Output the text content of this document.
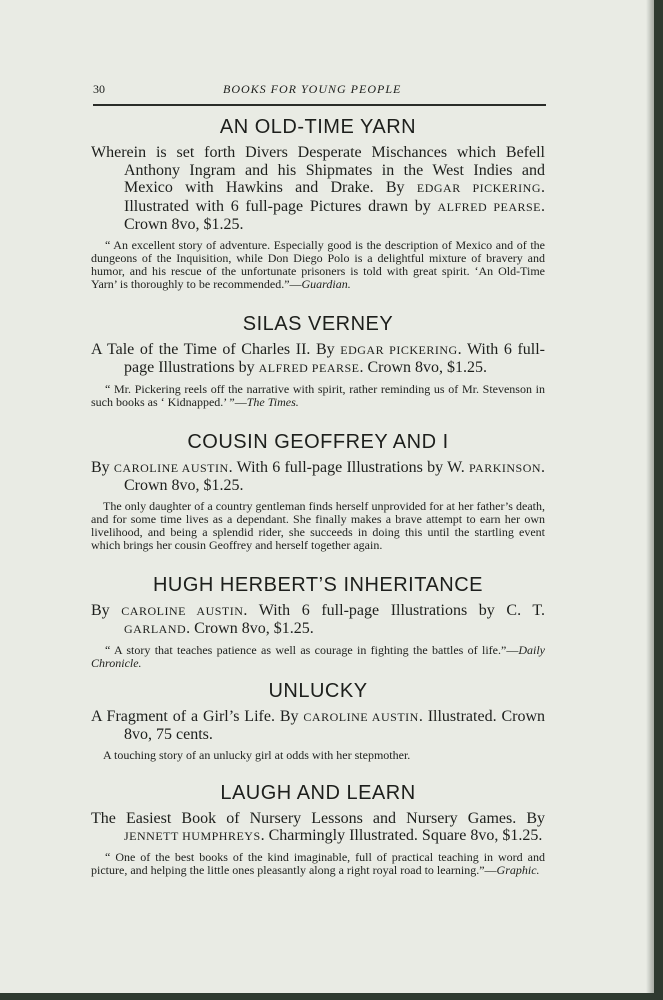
30	BOOKS FOR YOUNG PEOPLE
AN OLD-TIME YARN
Wherein is set forth Divers Desperate Mischances which Befell Anthony Ingram and his Shipmates in the West Indies and Mexico with Hawkins and Drake. By EDGAR PICKERING. Illustrated with 6 full-page Pictures drawn by ALFRED PEARSE. Crown 8vo, $1.25.
“ An excellent story of adventure. Especially good is the description of Mexico and of the dungeons of the Inquisition, while Don Diego Polo is a delightful mixture of bravery and humor, and his rescue of the unfortunate prisoners is told with great spirit. ‘An Old-Time Yarn’ is thoroughly to be recommended.”—Guardian.
SILAS VERNEY
A Tale of the Time of Charles II. By EDGAR PICKERING. With 6 full-page Illustrations by ALFRED PEARSE. Crown 8vo, $1.25.
“ Mr. Pickering reels off the narrative with spirit, rather reminding us of Mr. Stevenson in such books as ‘ Kidnapped.’ ”—The Times.
COUSIN GEOFFREY AND I
By CAROLINE AUSTIN. With 6 full-page Illustrations by W. PARKINSON. Crown 8vo, $1.25.
The only daughter of a country gentleman finds herself unprovided for at her father’s death, and for some time lives as a dependant. She finally makes a brave attempt to earn her own livelihood, and being a splendid rider, she succeeds in doing this until the startling event which brings her cousin Geoffrey and herself together again.
HUGH HERBERT’S INHERITANCE
By CAROLINE AUSTIN. With 6 full-page Illustrations by C. T. GARLAND. Crown 8vo, $1.25.
“ A story that teaches patience as well as courage in fighting the battles of life.”—Daily Chronicle.
UNLUCKY
A Fragment of a Girl’s Life. By CAROLINE AUSTIN. Illustrated. Crown 8vo, 75 cents.
A touching story of an unlucky girl at odds with her stepmother.
LAUGH AND LEARN
The Easiest Book of Nursery Lessons and Nursery Games. By JENNETT HUMPHREYS. Charmingly Illustrated. Square 8vo, $1.25.
“ One of the best books of the kind imaginable, full of practical teaching in word and picture, and helping the little ones pleasantly along a right royal road to learning.”—Graphic.
